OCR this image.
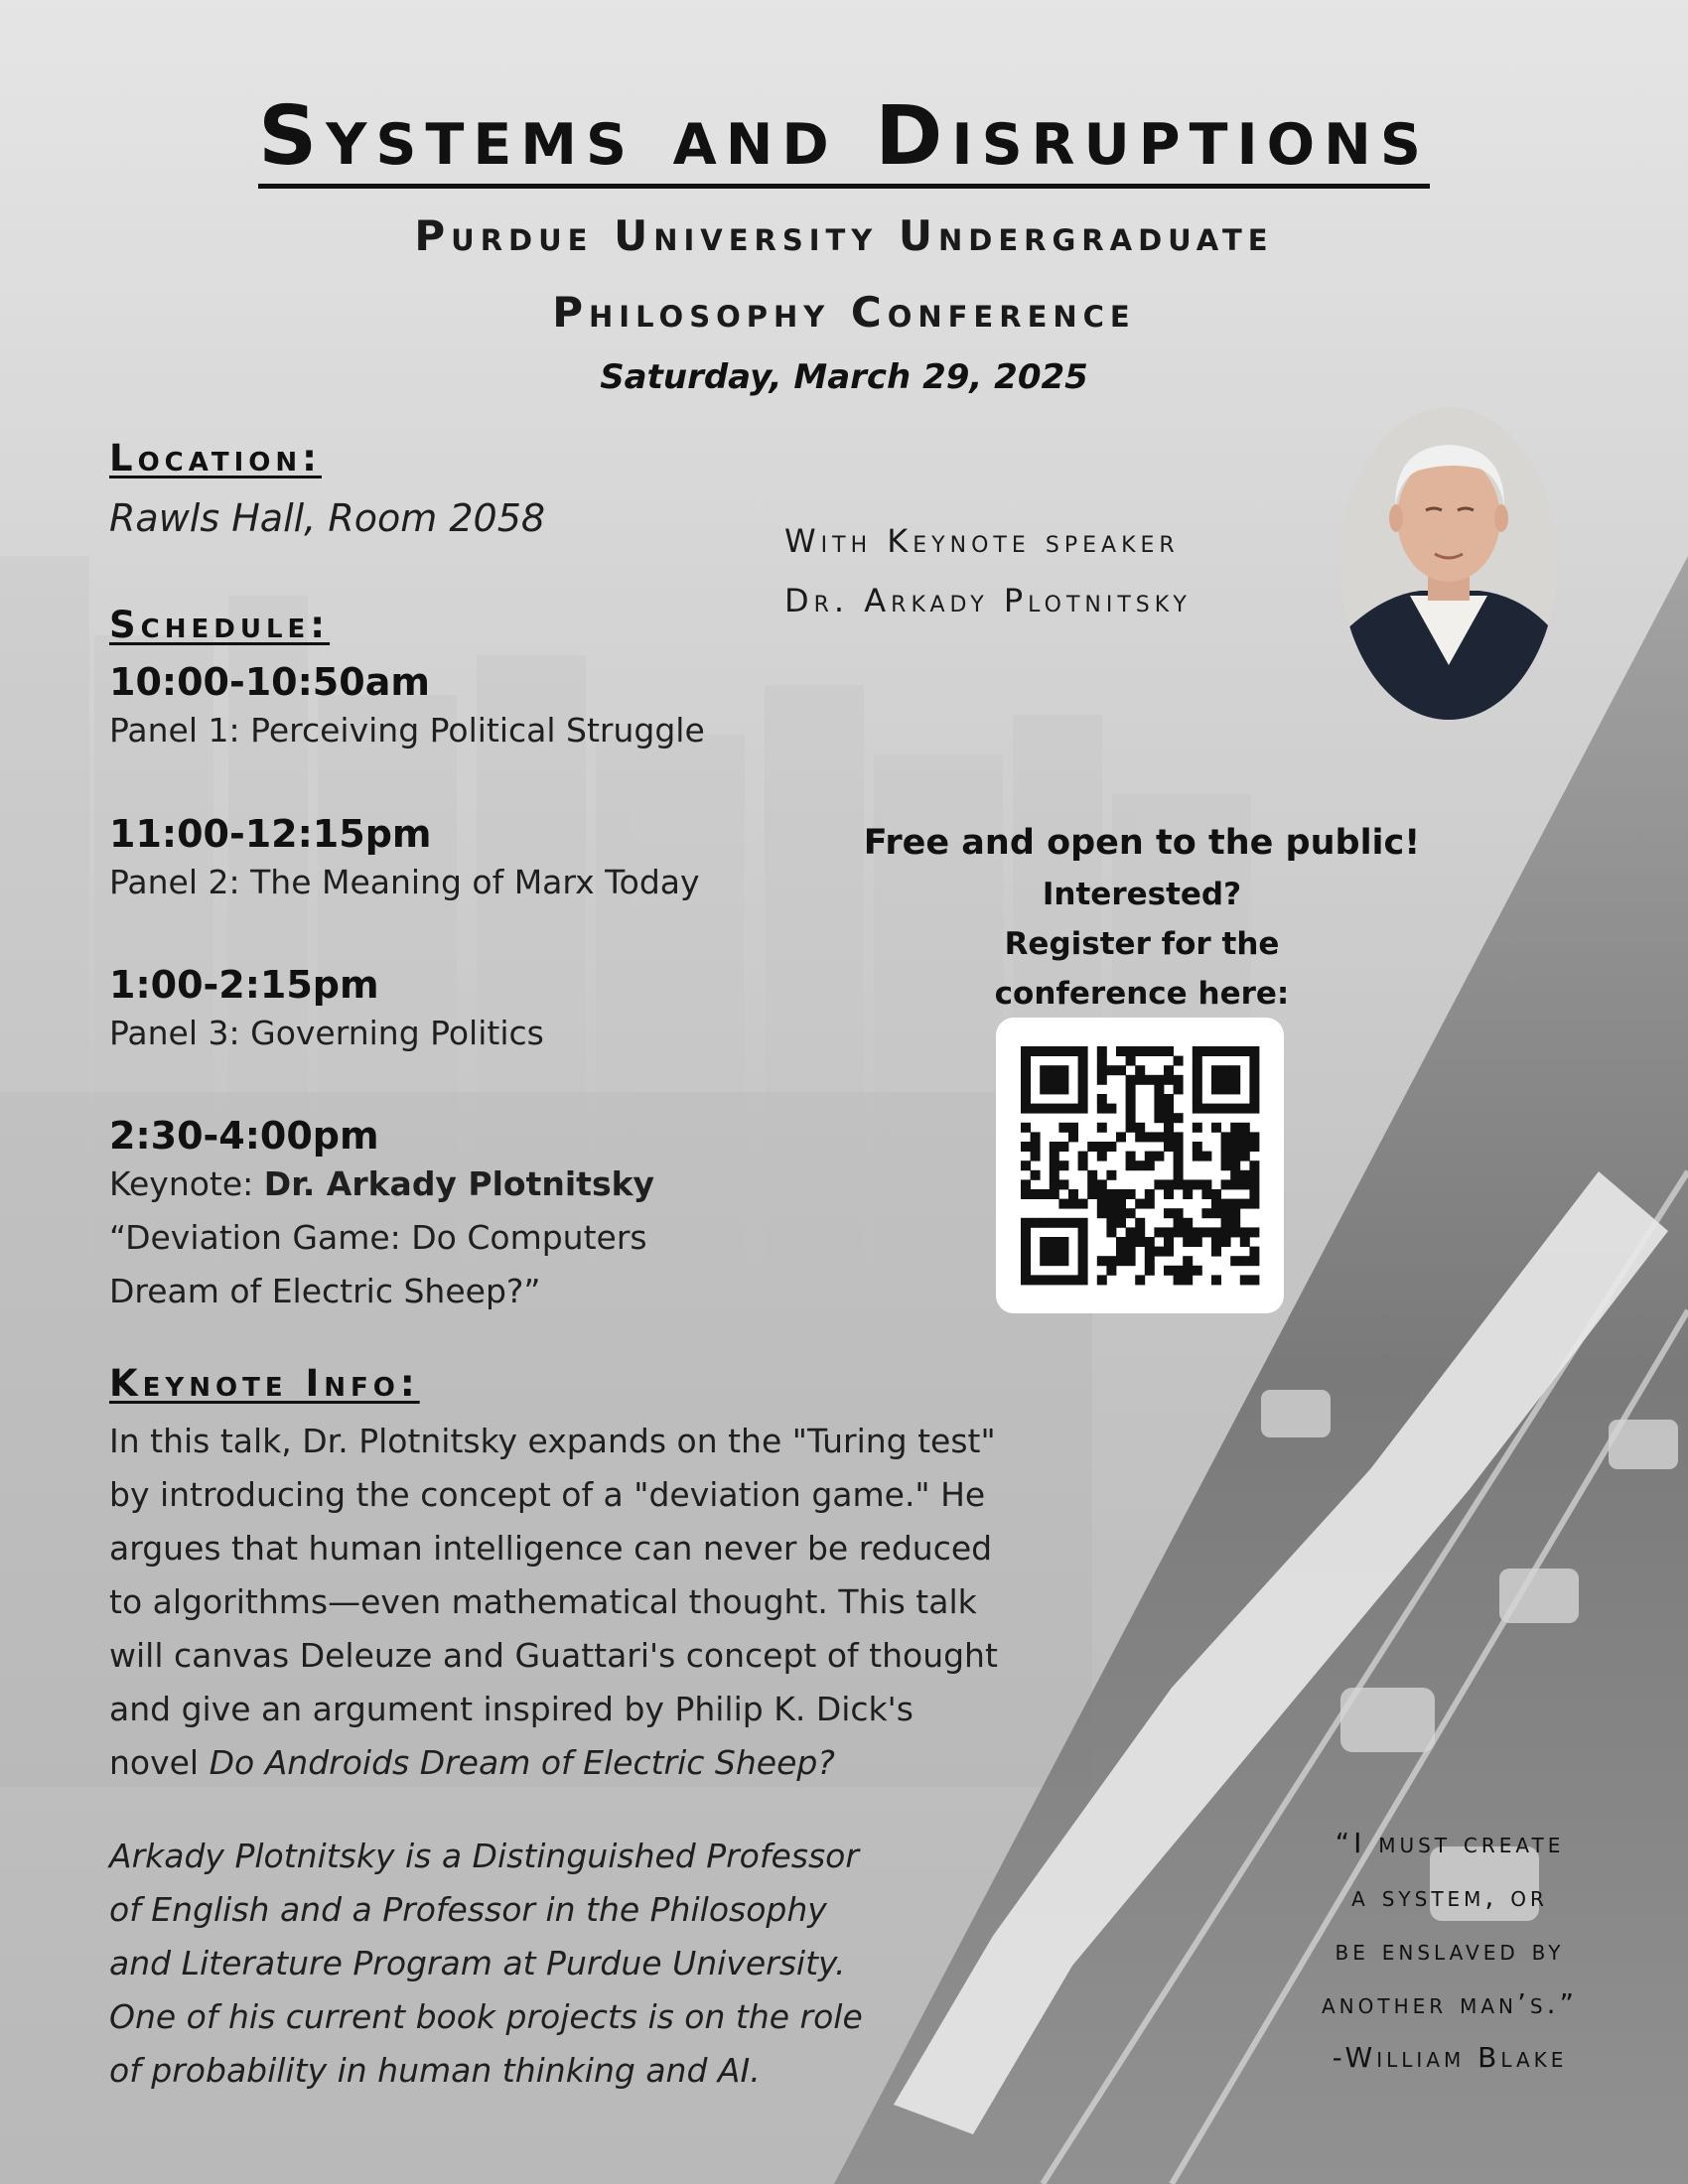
Systems and Disruptions
Purdue University Undergraduate
Philosophy Conference
Saturday, March 29, 2025
Location:
Rawls Hall, Room 2058
With Keynote speaker
Dr. Arkady Plotnitsky
Schedule:
10:00-10:50am
Panel 1: Perceiving Political Struggle
11:00-12:15pm
Panel 2: The Meaning of Marx Today
1:00-2:15pm
Panel 3: Governing Politics
2:30-4:00pm
Keynote: Dr. Arkady Plotnitsky
“Deviation Game: Do Computers
Dream of Electric Sheep?”
Free and open to the public!
Interested?
Register for the
conference here:
Keynote Info:
In this talk, Dr. Plotnitsky expands on the "Turing test"
by introducing the concept of a "deviation game." He
argues that human intelligence can never be reduced
to algorithms—even mathematical thought. This talk
will canvas Deleuze and Guattari's concept of thought
and give an argument inspired by Philip K. Dick's
novel Do Androids Dream of Electric Sheep?
Arkady Plotnitsky is a Distinguished Professor
of English and a Professor in the Philosophy
and Literature Program at Purdue University.
One of his current book projects is on the role
of probability in human thinking and AI.
“I must create
a system, or
be enslaved by
another man’s.”
-William Blake
